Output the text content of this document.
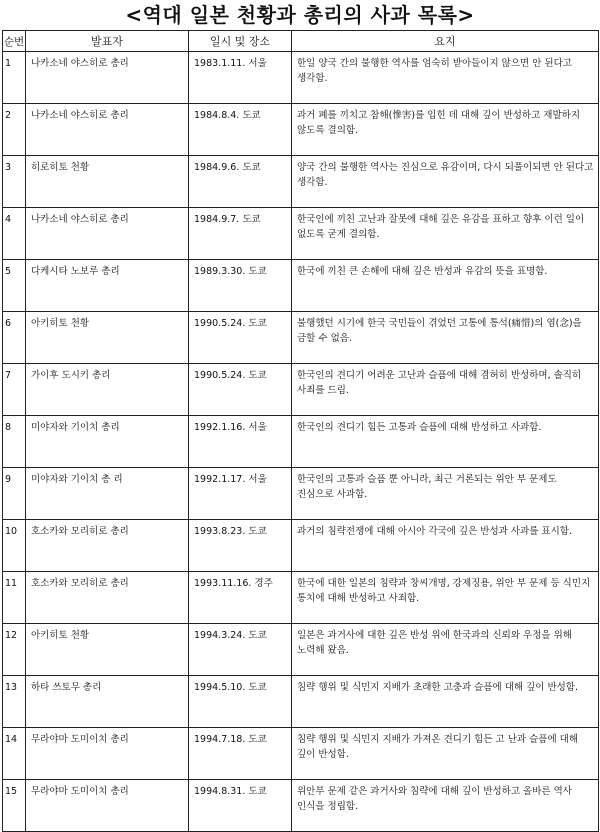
<역대 일본 천황과 총리의 사과 목록>
순번	발표자	일시 및 장소	요지
1	나카소네 야스히로 총리	1983.1.11. 서울	한일 양국 간의 불행한 역사를 엄숙히 받아들이지 않으면 안 된다고 생각함.
2	나카소네 야스히로 총리	1984.8.4. 도쿄	과거 폐를 끼치고 참해(慘害)를 입힌 데 대해 깊이 반성하고 재발하지 않도록 결의함.
3	히로히토 천황	1984.9.6. 도쿄	양국 간의 불행한 역사는 진심으로 유감이며, 다시 되풀이되면 안 된다고 생각함.
4	나카소네 야스히로 총리	1984.9.7. 도쿄	한국인에 끼친 고난과 잘못에 대해 깊은 유감을 표하고 향후 이런 일이 없도록 굳게 결의함.
5	다케시타 노보루 총리	1989.3.30. 도쿄	한국에 끼친 큰 손해에 대해 깊은 반성과 유감의 뜻을 표명함.
6	아키히토 천황	1990.5.24. 도쿄	불행했던 시기에 한국 국민들이 겪었던 고통에 통석(痛惜)의 염(念)을 금할 수 없음.
7	가이후 도시키 총리	1990.5.24. 도쿄	한국인의 견디기 어려운 고난과 슬픔에 대해 겸허히 반성하며, 솔직히 사죄를 드림.
8	미야자와 기이치 총리	1992.1.16. 서울	한국인의 견디기 힘든 고통과 슬픔에 대해 반성하고 사과함.
9	미야자와 기이치 총 리	1992.1.17. 서울	한국인의 고통과 슬픔 뿐 아니라, 최근 거론되는 위안 부 문제도 진심으로 사과함.
10	호소카와 모리히로 총리	1993.8.23. 도쿄	과거의 침략전쟁에 대해 아시아 각국에 깊은 반성과 사과를 표시함.
11	호소카와 모리히로 총리	1993.11.16. 경주	한국에 대한 일본의 침략과 창씨개명, 강제징용, 위안 부 문제 등 식민지 통치에 대해 반성하고 사죄함.
12	아키히토 천황	1994.3.24. 도쿄	일본은 과거사에 대한 깊은 반성 위에 한국과의 신뢰와 우정을 위해 노력해 왔음.
13	하타 쓰토무 총리	1994.5.10. 도쿄	침략 행위 및 식민지 지배가 초래한 고충과 슬픔에 대해 깊이 반성함.
14	무라야마 도미이치 총리	1994.7.18. 도쿄	침략 행위 및 식민지 지배가 가져온 견디기 힘든 고 난과 슬픔에 대해 깊이 반성함.
15	무라야마 도미이치 총리	1994.8.31. 도쿄	위안부 문제 같은 과거사와 침략에 대해 깊이 반성하고 올바른 역사 인식을 정립함.
